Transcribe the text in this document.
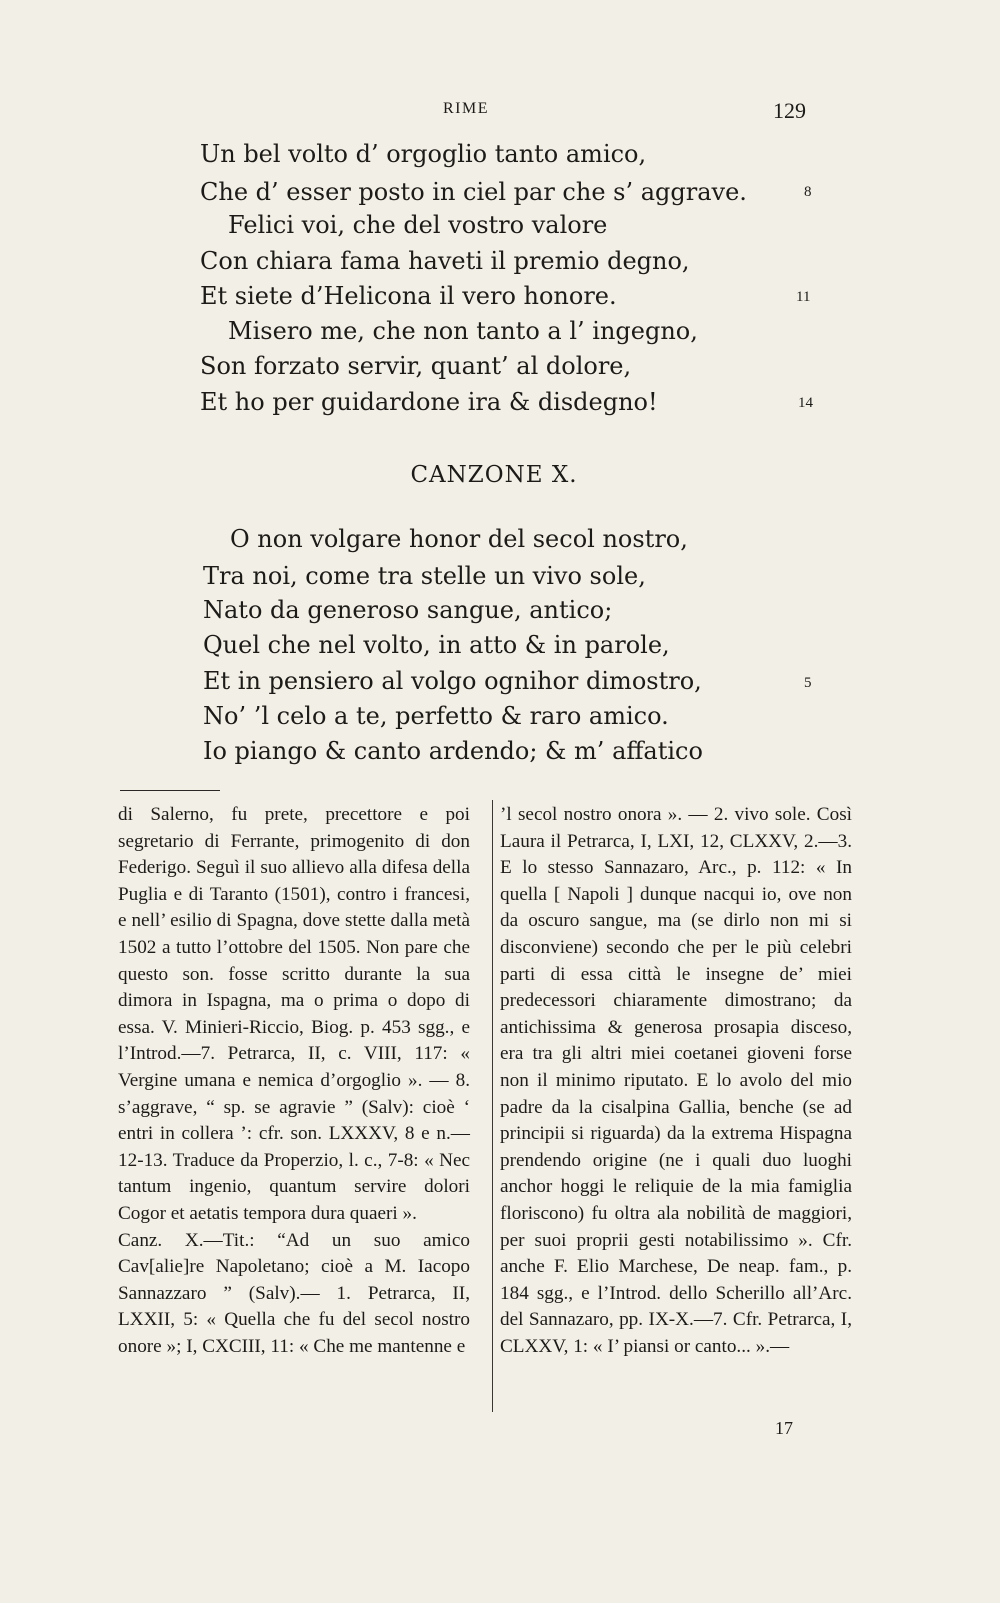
RIME	129
Un bel volto d’ orgoglio tanto amico,
Che d’ esser posto in ciel par che s’ aggrave.	8
Felici voi, che del vostro valore
Con chiara fama haveti il premio degno,
Et siete d’Helicona il vero honore.	11
Misero me, che non tanto a l’ ingegno,
Son forzato servir, quant’ al dolore,
Et ho per guidardone ira & disdegno!	14
CANZONE X.
O non volgare honor del secol nostro,
Tra noi, come tra stelle un vivo sole,
Nato da generoso sangue, antico;
Quel che nel volto, in atto & in parole,
Et in pensiero al volgo ognihor dimostro,	5
No’ ’l celo a te, perfetto & raro amico.
Io piango & canto ardendo; & m’ affatico

di Salerno, fu prete, precettore e poi segretario di Ferrante, primogenito di don Federigo. Seguì il suo allievo alla difesa della Puglia e di Taranto (1501), contro i francesi, e nell’ esilio di Spagna, dove stette dalla metà 1502 a tutto l’ottobre del 1505. Non pare che questo son. fosse scritto durante la sua dimora in Ispagna, ma o prima o dopo di essa. V. Minieri-Riccio, Biog. p. 453 sgg., e l’Introd.—7. Petrarca, II, c. VIII, 117: « Vergine umana e nemica d’orgoglio ». — 8. s’aggrave, “ sp. se agravie ” (Salv): cioè ‘ entri in collera ’: cfr. son. LXXXV, 8 e n.— 12-13. Traduce da Properzio, l. c., 7-8: « Nec tantum ingenio, quantum servire dolori Cogor et aetatis tempora dura quaeri ».
Canz. X.—Tit.: “Ad un suo amico Cav[alie]re Napoletano; cioè a M. Iacopo Sannazzaro ” (Salv).— 1. Petrarca, II, LXXII, 5: « Quella che fu del secol nostro onore »; I, CXCIII, 11: « Che me mantenne e

’l secol nostro onora ». — 2. vivo sole. Così Laura il Petrarca, I, LXI, 12, CLXXV, 2.—3. E lo stesso Sannazaro, Arc., p. 112: « In quella [ Napoli ] dunque nacqui io, ove non da oscuro sangue, ma (se dirlo non mi si disconviene) secondo che per le più celebri parti di essa città le insegne de’ miei predecessori chiaramente dimostrano; da antichissima & generosa prosapia disceso, era tra gli altri miei coetanei gioveni forse non il minimo riputato. E lo avolo del mio padre da la cisalpina Gallia, benche (se ad principii si riguarda) da la extrema Hispagna prendendo origine (ne i quali duo luoghi anchor hoggi le reliquie de la mia famiglia floriscono) fu oltra ala nobilità de maggiori, per suoi proprii gesti notabilissimo ». Cfr. anche F. Elio Marchese, De neap. fam., p. 184 sgg., e l’Introd. dello Scherillo all’Arc. del Sannazaro, pp. IX-X.—7. Cfr. Petrarca, I, CLXXV, 1: « I’ piansi or canto... ».—

17
